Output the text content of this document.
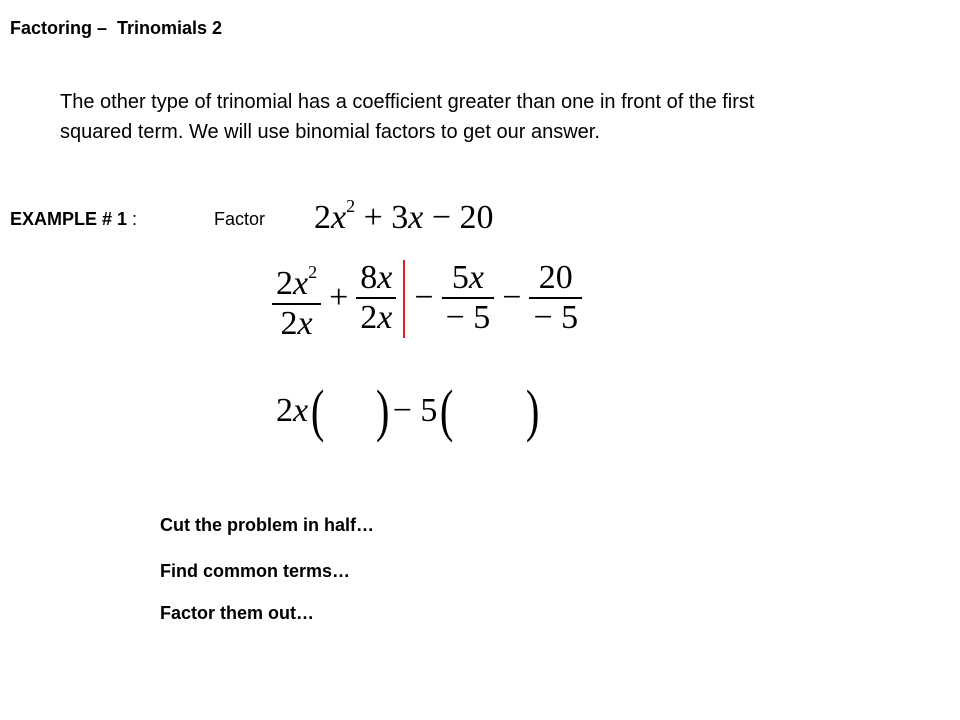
Factoring –  Trinomials 2
The other type of trinomial has a coefficient greater than one in front of the first
squared term. We will use binomial factors to get our answer.
EXAMPLE # 1 :	Factor $2x^2 + 3x - 20$
$\frac{2x^2}{2x} + \frac{8x}{2x} - \frac{5x}{- 5} - \frac{20}{- 5}$
2 x ( ) − 5 ( )
Cut the problem in half…
Find common terms…
Factor them out…
